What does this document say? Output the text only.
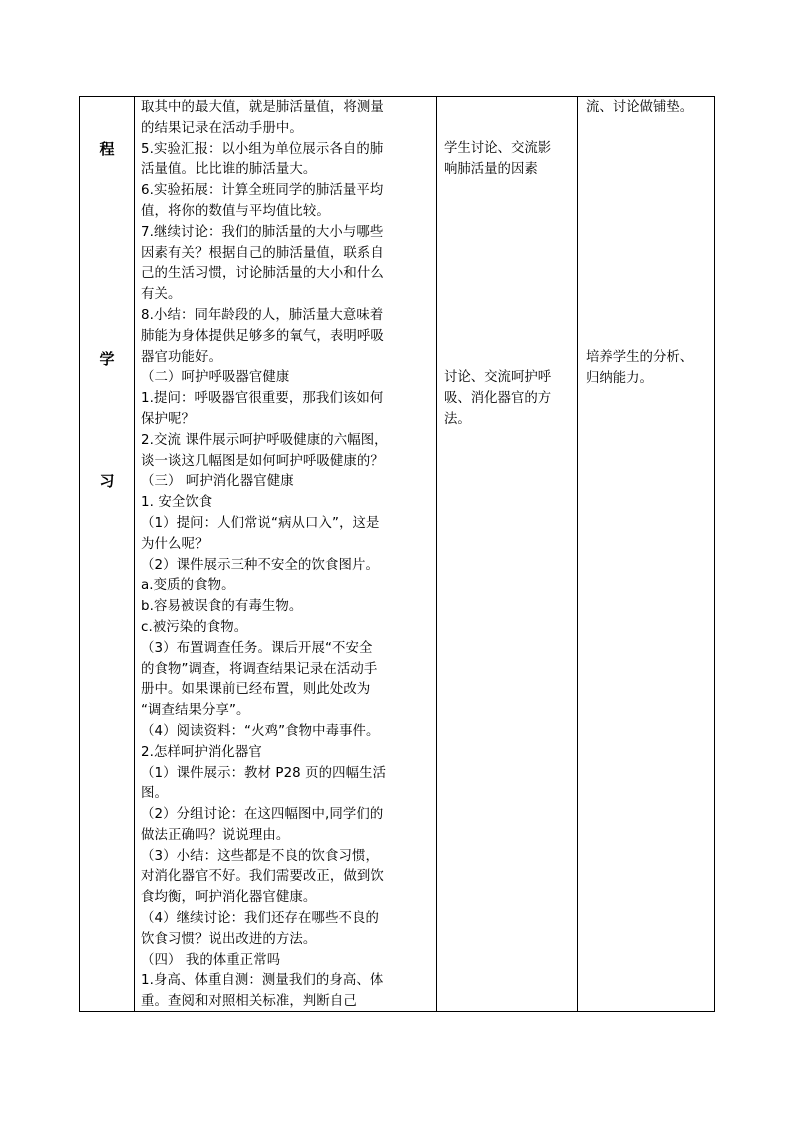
程
学
习
取其中的最大值，就是肺活量值，将测量
的结果记录在活动手册中。
5.实验汇报：以小组为单位展示各自的肺
活量值。比比谁的肺活量大。
6.实验拓展：计算全班同学的肺活量平均
值，将你的数值与平均值比较。
7.继续讨论：我们的肺活量的大小与哪些
因素有关？根据自己的肺活量值，联系自
己的生活习惯，讨论肺活量的大小和什么
有关。
8.小结：同年龄段的人，肺活量大意味着
肺能为身体提供足够多的氧气，表明呼吸
器官功能好。
（二）呵护呼吸器官健康
1.提问：呼吸器官很重要，那我们该如何
保护呢？
2.交流 课件展示呵护呼吸健康的六幅图，
谈一谈这几幅图是如何呵护呼吸健康的？
（三） 呵护消化器官健康
1. 安全饮食
（1）提问：人们常说“病从口入”，这是
为什么呢？
（2）课件展示三种不安全的饮食图片。
a.变质的食物。
b.容易被误食的有毒生物。
c.被污染的食物。
（3）布置调查任务。课后开展“不安全
的食物”调查，将调查结果记录在活动手
册中。如果课前已经布置，则此处改为
“调查结果分享”。
（4）阅读资料：“火鸡”食物中毒事件。
2.怎样呵护消化器官
（1）课件展示：教材 P28 页的四幅生活
图。
（2）分组讨论：在这四幅图中,同学们的
做法正确吗？说说理由。
（3）小结：这些都是不良的饮食习惯，
对消化器官不好。我们需要改正，做到饮
食均衡，呵护消化器官健康。
（4）继续讨论：我们还存在哪些不良的
饮食习惯？说出改进的方法。
（四） 我的体重正常吗
1.身高、体重自测：测量我们的身高、体
重。查阅和对照相关标准，判断自己
学生讨论、交流影
响肺活量的因素
讨论、交流呵护呼
吸、消化器官的方
法。
流、讨论做铺垫。
培养学生的分析、
归纳能力。
